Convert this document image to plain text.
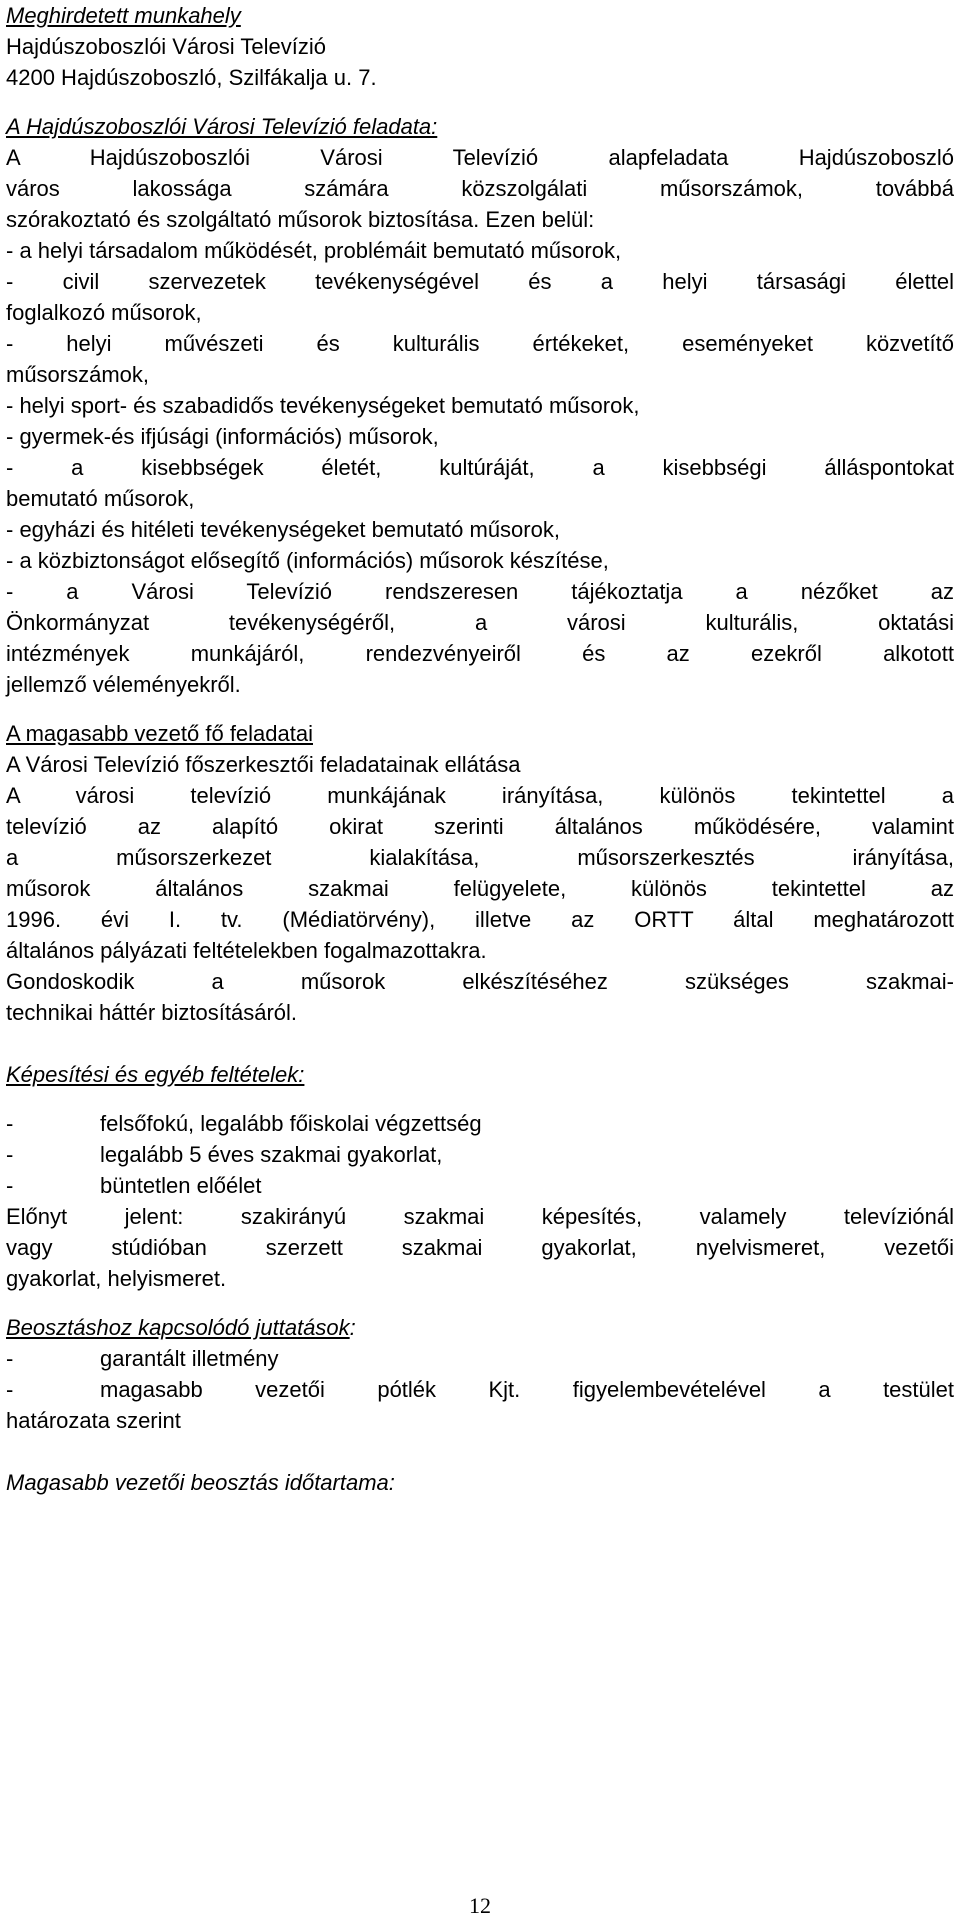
Meghirdetett munkahely
Hajdúszoboszlói Városi Televízió
4200 Hajdúszoboszló, Szilfákalja u. 7.
A Hajdúszoboszlói Városi Televízió feladata:
A Hajdúszoboszlói Városi Televízió alapfeladata Hajdúszoboszló
város lakossága számára közszolgálati műsorszámok, továbbá
szórakoztató és szolgáltató műsorok biztosítása. Ezen belül:
- a helyi társadalom működését, problémáit bemutató műsorok,
- civil szervezetek tevékenységével és a helyi társasági élettel
foglalkozó műsorok,
- helyi művészeti és kulturális értékeket, eseményeket közvetítő
műsorszámok,
- helyi sport- és szabadidős tevékenységeket bemutató műsorok,
- gyermek-és ifjúsági (információs) műsorok,
- a kisebbségek életét, kultúráját, a kisebbségi álláspontokat
bemutató műsorok,
- egyházi és hitéleti tevékenységeket bemutató műsorok,
- a közbiztonságot elősegítő (információs) műsorok készítése,
- a Városi Televízió rendszeresen tájékoztatja a nézőket az
Önkormányzat tevékenységéről, a városi kulturális, oktatási
intézmények munkájáról, rendezvényeiről és az ezekről alkotott
jellemző véleményekről.
A magasabb vezető fő feladatai
A Városi Televízió főszerkesztői feladatainak ellátása
A városi televízió munkájának irányítása, különös tekintettel a
televízió az alapító okirat szerinti általános működésére, valamint
a műsorszerkezet kialakítása, műsorszerkesztés irányítása,
műsorok általános szakmai felügyelete, különös tekintettel az
1996. évi I. tv. (Médiatörvény), illetve az ORTT által meghatározott
általános pályázati feltételekben fogalmazottakra.
Gondoskodik a műsorok elkészítéséhez szükséges szakmai-
technikai háttér biztosításáról.
Képesítési és egyéb feltételek:
-	felsőfokú, legalább főiskolai végzettség
-	legalább 5 éves szakmai gyakorlat,
-	büntetlen előélet
Előnyt jelent: szakirányú szakmai képesítés, valamely televíziónál
vagy stúdióban szerzett szakmai gyakorlat, nyelvismeret, vezetői
gyakorlat, helyismeret.
Beosztáshoz kapcsolódó juttatások:
-	garantált illetmény
-	magasabb vezetői pótlék Kjt. figyelembevételével a testület
határozata szerint
Magasabb vezetői beosztás időtartama:
12
